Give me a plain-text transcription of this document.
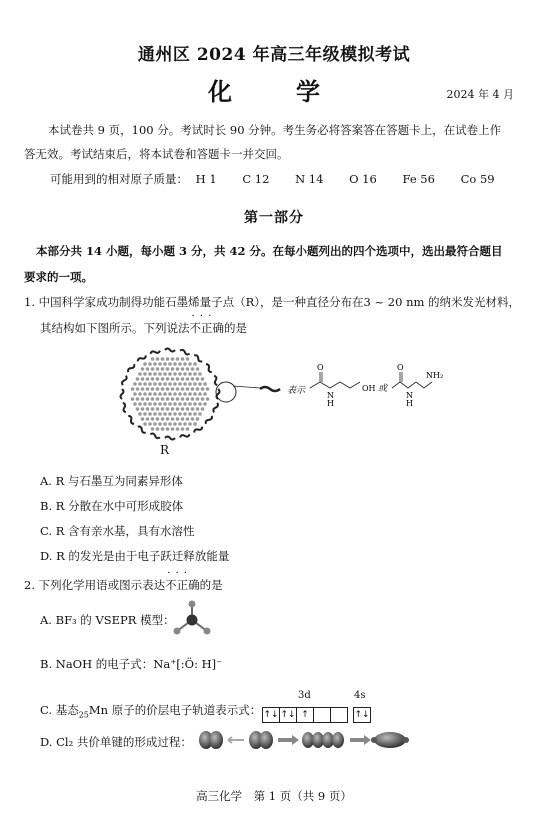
通州区 2024 年高三年级模拟考试
化　学	2024 年 4 月
本试卷共 9 页，100 分。考试时长 90 分钟。考生务必将答案答在答题卡上，在试卷上作
答无效。考试结束后，将本试卷和答题卡一并交回。
可能用到的相对原子质量： H 1 C 12 N 14 O 16 Fe 56 Co 59
第一部分
本部分共 14 小题，每小题 3 分，共 42 分。在每小题列出的四个选项中，选出最符合题目
要求的一项。
1. 中国科学家成功制得功能石墨烯量子点（R），是一种直径分布在3 ~ 20 nm 的纳米发光材料，
其结构如下图所示。下列说法· · · 不正确的是
表示
O
N
H
OH 或
O
N
H
NH₂
R
A. R 与石墨互为同素异形体
B. R 分散在水中可形成胶体
C. R 含有亲水基，具有水溶性
D. R 的发光是由于电子跃迁释放能量
2. 下列化学用语或图示表达· · · 不正确的是
A. BF₃ 的 VSEPR 模型：
B. NaOH 的电子式：Na⁺[:Ö: H]⁻
C. 基态$_{25}$Mn 原子的价层电子轨道表示式： ↑↓ ↑↓ ↑
3d
↑↓
4s
D. Cl₂ 共价单键的形成过程：
高三化学　第 1 页（共 9 页）
